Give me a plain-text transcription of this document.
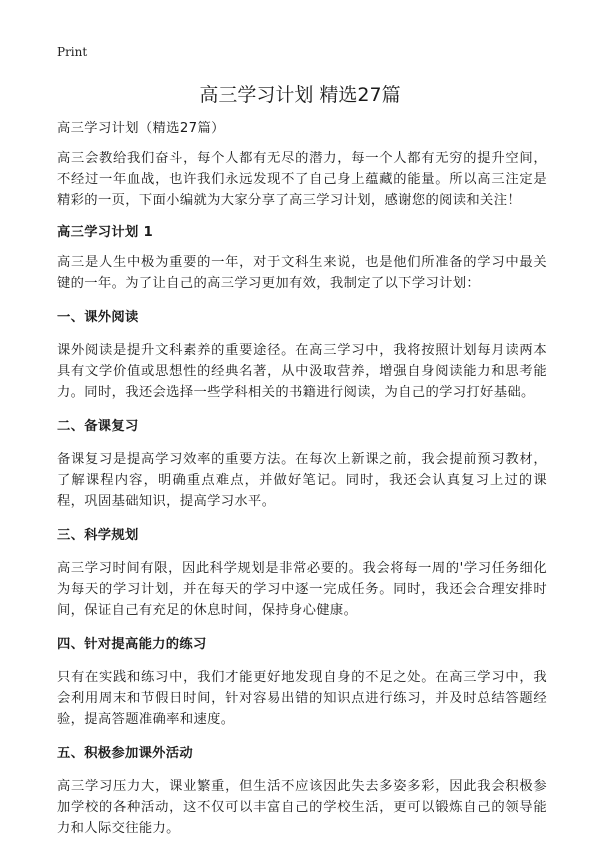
Print
高三学习计划 精选27篇

高三学习计划（精选27篇）

高三会教给我们奋斗，每个人都有无尽的潜力，每一个人都有无穷的提升空间，不经过一年血战，也许我们永远发现不了自己身上蕴藏的能量。所以高三注定是精彩的一页，下面小编就为大家分享了高三学习计划，感谢您的阅读和关注！

高三学习计划 1

高三是人生中极为重要的一年，对于文科生来说，也是他们所准备的学习中最关键的一年。为了让自己的高三学习更加有效，我制定了以下学习计划：

一、课外阅读

课外阅读是提升文科素养的重要途径。在高三学习中，我将按照计划每月读两本具有文学价值或思想性的经典名著，从中汲取营养，增强自身阅读能力和思考能力。同时，我还会选择一些学科相关的书籍进行阅读，为自己的学习打好基础。

二、备课复习

备课复习是提高学习效率的重要方法。在每次上新课之前，我会提前预习教材，了解课程内容，明确重点难点，并做好笔记。同时，我还会认真复习上过的课程，巩固基础知识，提高学习水平。

三、科学规划

高三学习时间有限，因此科学规划是非常必要的。我会将每一周的'学习任务细化为每天的学习计划，并在每天的学习中逐一完成任务。同时，我还会合理安排时间，保证自己有充足的休息时间，保持身心健康。

四、针对提高能力的练习

只有在实践和练习中，我们才能更好地发现自身的不足之处。在高三学习中，我会利用周末和节假日时间，针对容易出错的知识点进行练习，并及时总结答题经验，提高答题准确率和速度。

五、积极参加课外活动

高三学习压力大，课业繁重，但生活不应该因此失去多姿多彩，因此我会积极参加学校的各种活动，这不仅可以丰富自己的学校生活，更可以锻炼自己的领导能力和人际交往能力。
